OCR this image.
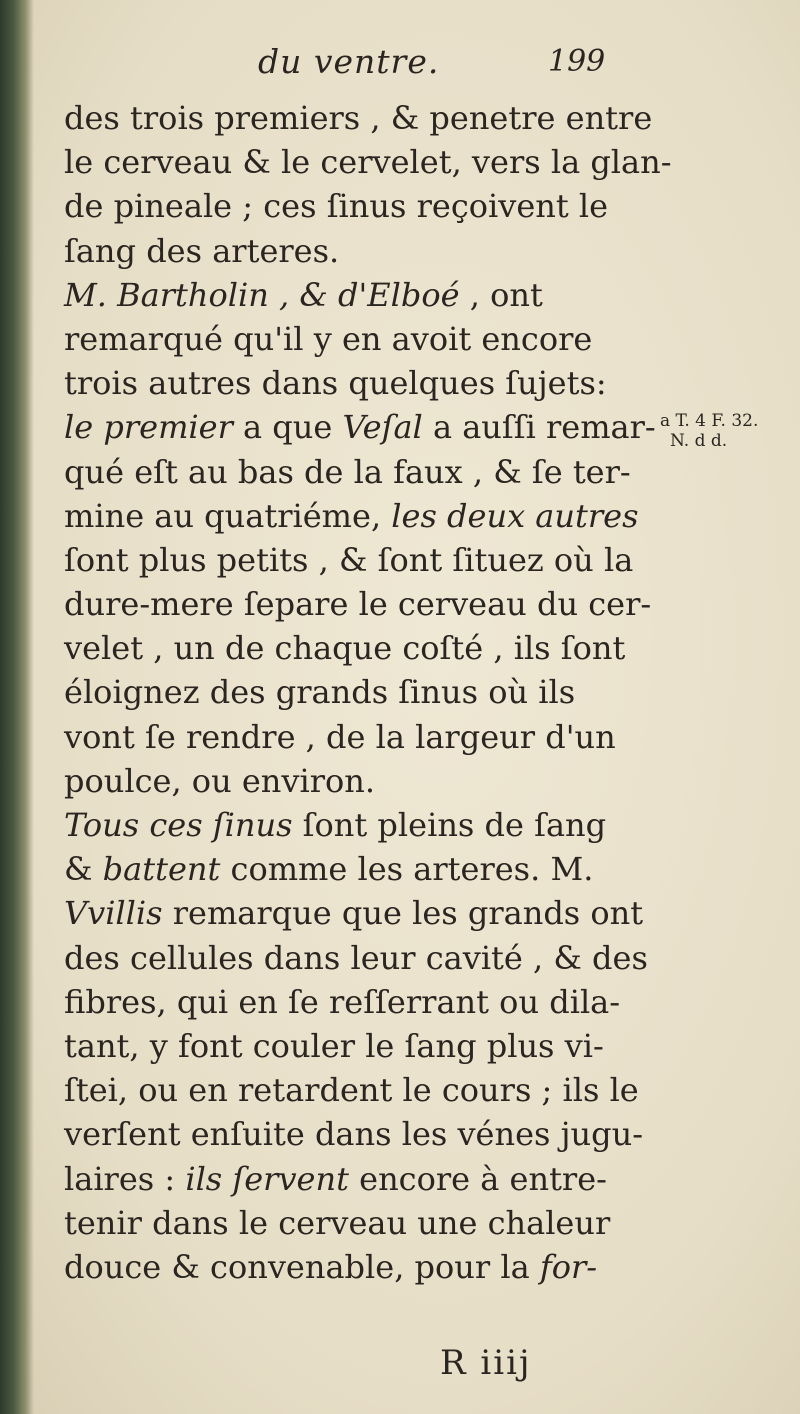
du ventre.	199
des trois premiers , & penetre entre
le cerveau & le cervelet, vers la glan-
de pineale ; ces ſinus reçoivent le
ſang des arteres.
M. Bartholin , & d'Elboé , ont
remarqué qu'il y en avoit encore
trois autres dans quelques ſujets:
le premier a que Veſal a auſſi remar-
qué eſt au bas de la faux , & ſe ter-
mine au quatriéme, les deux autres
ſont plus petits , & ſont ſituez où la
dure-mere ſepare le cerveau du cer-
velet , un de chaque coſté , ils ſont
éloignez des grands ſinus où ils
vont ſe rendre , de la largeur d'un
poulce, ou environ.
Tous ces ſinus ſont pleins de ſang
& battent comme les arteres. M.
Vvillis remarque que les grands ont
des cellules dans leur cavité , & des
fibres, qui en ſe reſſerrant ou dila-
tant, y font couler le ſang plus vi-
ſtei, ou en retardent le cours ; ils le
verſent enſuite dans les vénes jugu-
laires : ils ſervent encore à entre-
tenir dans le cerveau une chaleur
douce & convenable, pour la for-
a T. 4 F. 32.
N. d d.
R iiij
